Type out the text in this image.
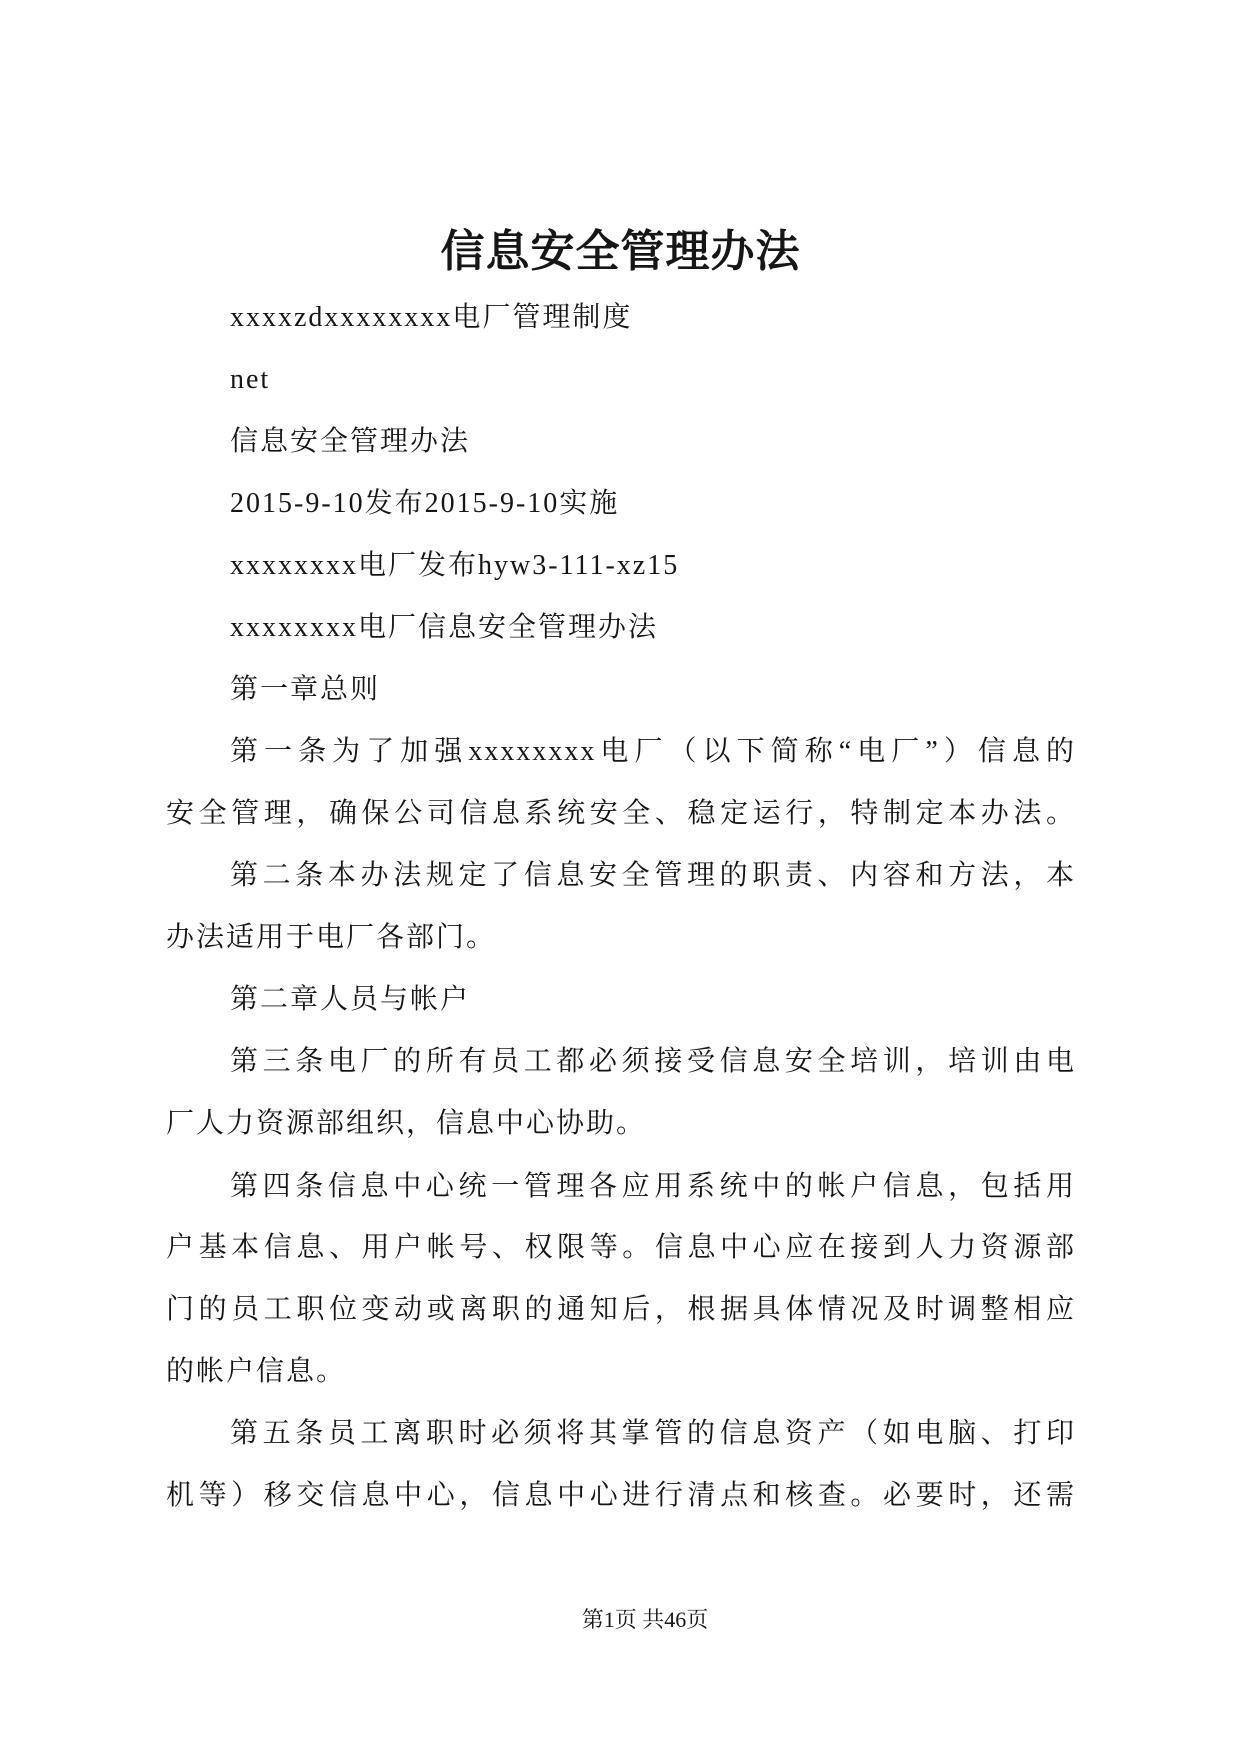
信息安全管理办法
xxxxzdxxxxxxxx电厂管理制度
net
信息安全管理办法
2015-9-10发布2015-9-10实施
xxxxxxxx电厂发布hyw3-111-xz15
xxxxxxxx电厂信息安全管理办法
第一章总则
第一条为了加强xxxxxxxx电厂（以下简称“电厂”）信息的
安全管理，确保公司信息系统安全、稳定运行，特制定本办法。
第二条本办法规定了信息安全管理的职责、内容和方法，本
办法适用于电厂各部门。
第二章人员与帐户
第三条电厂的所有员工都必须接受信息安全培训，培训由电
厂人力资源部组织，信息中心协助。
第四条信息中心统一管理各应用系统中的帐户信息，包括用
户基本信息、用户帐号、权限等。信息中心应在接到人力资源部
门的员工职位变动或离职的通知后，根据具体情况及时调整相应
的帐户信息。
第五条员工离职时必须将其掌管的信息资产（如电脑、打印
机等）移交信息中心，信息中心进行清点和核查。必要时，还需
第1页 共46页
